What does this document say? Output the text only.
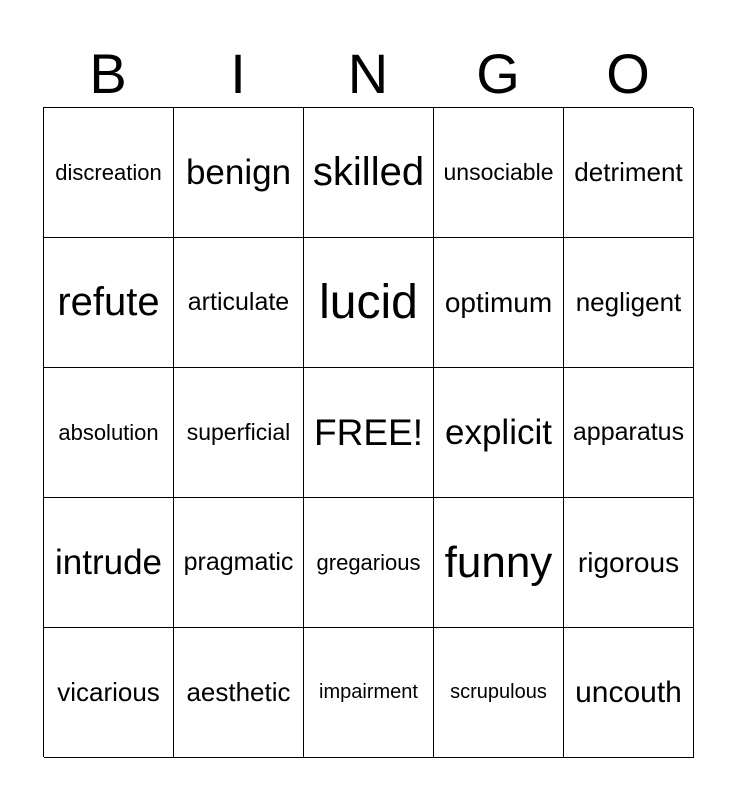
B	I	N	G	O
discreation benign skilled unsociable detriment
refute articulate lucid optimum negligent
absolution superficial FREE! explicit apparatus
intrude pragmatic gregarious funny rigorous
vicarious aesthetic impairment scrupulous uncouth
